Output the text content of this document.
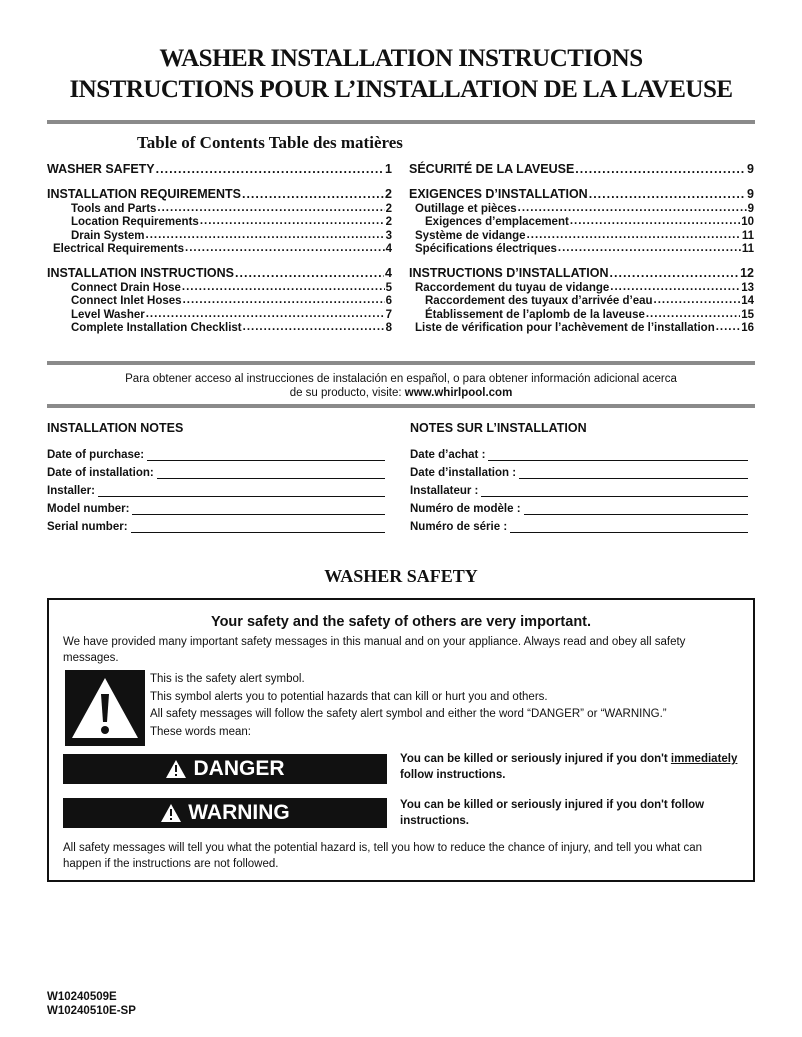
WASHER INSTALLATION INSTRUCTIONS
INSTRUCTIONS POUR L’INSTALLATION DE LA LAVEUSE
Table of Contents Table des matières
WASHER SAFETY .....	1
INSTALLATION REQUIREMENTS .....	2
Tools and Parts .....	2
Location Requirements .....	2
Drain System .....	3
Electrical Requirements .....	4
INSTALLATION INSTRUCTIONS .....	4
Connect Drain Hose .....	5
Connect Inlet Hoses .....	6
Level Washer .....	7
Complete Installation Checklist .....	8
SÉCURITÉ DE LA LAVEUSE .....	9
EXIGENCES D’INSTALLATION .....	9
Outillage et pièces .....	9
Exigences d’emplacement .....	10
Système de vidange .....	11
Spécifications électriques .....	11
INSTRUCTIONS D’INSTALLATION .....	12
Raccordement du tuyau de vidange .....	13
Raccordement des tuyaux d’arrivée d’eau .....	14
Établissement de l’aplomb de la laveuse .....	15
Liste de vérification pour l’achèvement de l’installation ..... 16
Para obtener acceso al instrucciones de instalación en español, o para obtener información adicional acerca
de su producto, visite: www.whirlpool.com
INSTALLATION NOTES	NOTES SUR L’INSTALLATION
Date of purchase:
Date of installation:
Installer:
Model number:
Serial number:
Date d’achat :
Date d’installation :
Installateur :
Numéro de modèle :
Numéro de série :
WASHER SAFETY
Your safety and the safety of others are very important.
We have provided many important safety messages in this manual and on your appliance. Always read and obey all safety
messages.
This is the safety alert symbol.
This symbol alerts you to potential hazards that can kill or hurt you and others.
All safety messages will follow the safety alert symbol and either the word “DANGER” or “WARNING.”
These words mean:
DANGER	You can be killed or seriously injured if you don't immediately
follow instructions.
WARNING	You can be killed or seriously injured if you don't follow
instructions.
All safety messages will tell you what the potential hazard is, tell you how to reduce the chance of injury, and tell you what can
happen if the instructions are not followed.
W10240509E
W10240510E-SP
